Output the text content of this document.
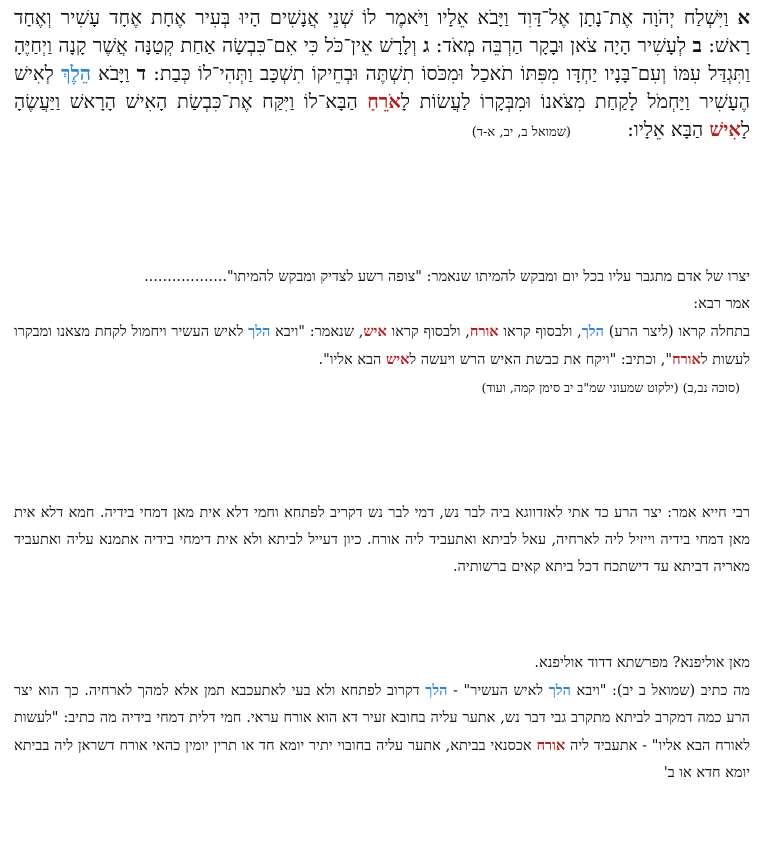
א וַיִּשְׁלַח יְהֹוָה אֶת־נָתָן אֶל־דָּוִד וַיָּבֹא אֵלָיו וַיֹּאמֶר לוֹ שְׁנֵי אֲנָשִׁים הָיוּ בְּעִיר אֶחָת אֶחָד עָשִׁיר וְאֶחָד רָאשׁ: ב לְעָשִׁיר הָיָה צֹאן וּבָקָר הַרְבֵּה מְאֹד: ג וְלָרָשׁ אֵין־כֹּל כִּי אִם־כִּבְשָׂה אַחַת קְטַנָּה אֲשֶׁר קָנָה וַיְחַיֶּהָ וַתִּגְדַּל עִמּוֹ וְעִם־בָּנָיו יַחְדָּו מִפִּתּוֹ תֹאכַל וּמִכֹּסוֹ תִשְׁתֶּה וּבְחֵיקוֹ תִשְׁכָּב וַתְּהִי־לוֹ כְּבַת: ד וַיָּבֹא הֵלֶךְ לְאִישׁ הֶעָשִׁיר וַיַּחְמֹל לָקַחַת מִצֹּאנוֹ וּמִבְּקָרוֹ לַעֲשׂוֹת לָאֹרֵחַ הַבָּא־לוֹ וַיִּקַּח אֶת־כִּבְשַׂת הָאִישׁ הָרָאשׁ וַיַּעֲשֶׂהָ לָאִישׁ הַבָּא אֵלָיו: (שמואל ב, יב, א-ד)

יצרו של אדם מתגבר עליו בכל יום ומבקש להמיתו שנאמר: "צופה רשע לצדיק ומבקש להמיתו"..................

אמר רבא:

בתחלה קראו (ליצר הרע) הלך, ולבסוף קראו אורח, ולבסוף קראו איש, שנאמר: "ויבא הלך לאיש העשיר ויחמול לקחת מצאנו ומבקרו לעשות לאורח", וכתיב: "ויקח את כבשת האיש הרש ויעשה לאיש הבא אליו".

(סוכה נב,ב) (ילקוט שמעוני שמ"ב יב סימן קמה, ועוד)

רבי חייא אמר: יצר הרע כד אתי לאזדווגא ביה לבר נש, דמי לבר נש דקריב לפתחא וחמי דלא אית מאן דמחי בידיה. חמא דלא אית מאן דמחי בידיה וייזיל ליה לארחיה, עאל לביתא ואתעביד ליה אורח. כיון דעייל לביתא ולא אית דימחי בידיה אתמנא עליה ואתעביד מאריה דביתא עד דישתכח דכל ביתא קאים ברשותיה.

מאן אוליפנא? מפרשתא דדוד אוליפנא.

מה כתיב (שמואל ב יב): "ויבא הלך לאיש העשיר" - הלך דקרוב לפתחא ולא בעי לאתעכבא תמן אלא למהך לארחיה. כך הוא יצר הרע כמה דמקרב לביתא מתקרב גבי דבר נש, אתער עליה בחובא זעיר דא הוא אורח עראי. חמי דלית דמחי בידיה מה כתיב: "לעשות לאורח הבא אליו" - אתעביד ליה אורח אכסנאי בביתא, אתער עליה בחובוי יתיר יומא חד או תרין יומין כהאי אורח דשראן ליה בביתא יומא חדא או ב'
